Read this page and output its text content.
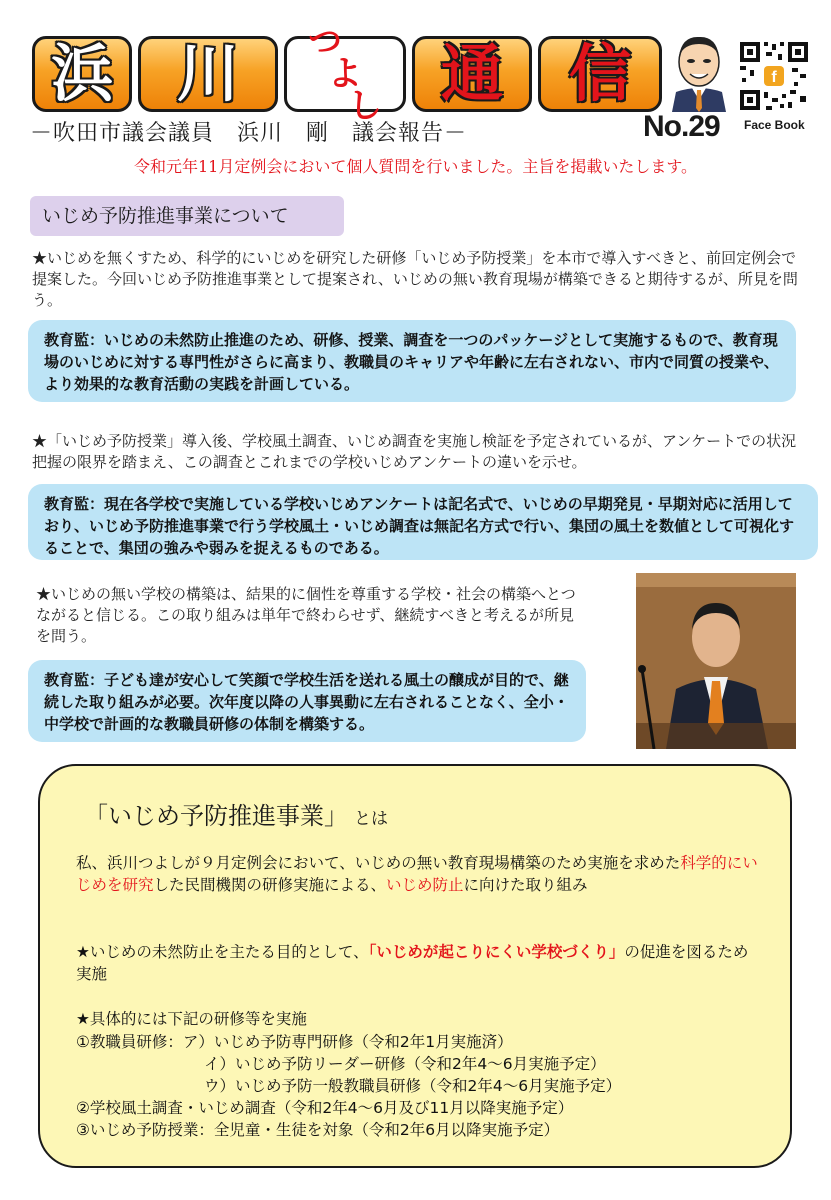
浜	川	つ
よ
し 通	信	f
－吹田市議会議員　浜川　剛　議会報告－	No.29 Face Book
令和元年11月定例会において個人質問を行いました。主旨を掲載いたします。
いじめ予防推進事業について
★いじめを無くすため、科学的にいじめを研究した研修「いじめ予防授業」を本市で導入すべきと、前回定例会で提案した。今回いじめ予防推進事業として提案され、いじめの無い教育現場が構築できると期待するが、所見を問う。
教育監：いじめの未然防止推進のため、研修、授業、調査を一つのパッケージとして実施するもので、教育現場のいじめに対する専門性がさらに高まり、教職員のキャリアや年齢に左右されない、市内で同質の授業や、より効果的な教育活動の実践を計画している。
★「いじめ予防授業」導入後、学校風土調査、いじめ調査を実施し検証を予定されているが、アンケートでの状況把握の限界を踏まえ、この調査とこれまでの学校いじめアンケートの違いを示せ。
教育監：現在各学校で実施している学校いじめアンケートは記名式で、いじめの早期発見・早期対応に活用しており、いじめ予防推進事業で行う学校風土・いじめ調査は無記名方式で行い、集団の風土を数値として可視化することで、集団の強みや弱みを捉えるものである。
★いじめの無い学校の構築は、結果的に個性を尊重する学校・社会の構築へとつながると信じる。この取り組みは単年で終わらせず、継続すべきと考えるが所見を問う。
教育監：子ども達が安心して笑顔で学校生活を送れる風土の醸成が目的で、継続した取り組みが必要。次年度以降の人事異動に左右されることなく、全小・中学校で計画的な教職員研修の体制を構築する。
「いじめ予防推進事業」 とは
私、浜川つよしが９月定例会において、いじめの無い教育現場構築のため実施を求めた科学的にいじめを研究した民間機関の研修実施による、いじめ防止に向けた取り組み
★いじめの未然防止を主たる目的として、「いじめが起こりにくい学校づくり」の促進を図るため実施
★具体的には下記の研修等を実施
①教職員研修：ア）いじめ予防専門研修（令和2年1月実施済）
イ）いじめ予防リーダー研修（令和2年4～6月実施予定）
ウ）いじめ予防一般教職員研修（令和2年4～6月実施予定）
②学校風土調査・いじめ調査（令和2年4～6月及び11月以降実施予定）
③いじめ予防授業：全児童・生徒を対象（令和2年6月以降実施予定）
